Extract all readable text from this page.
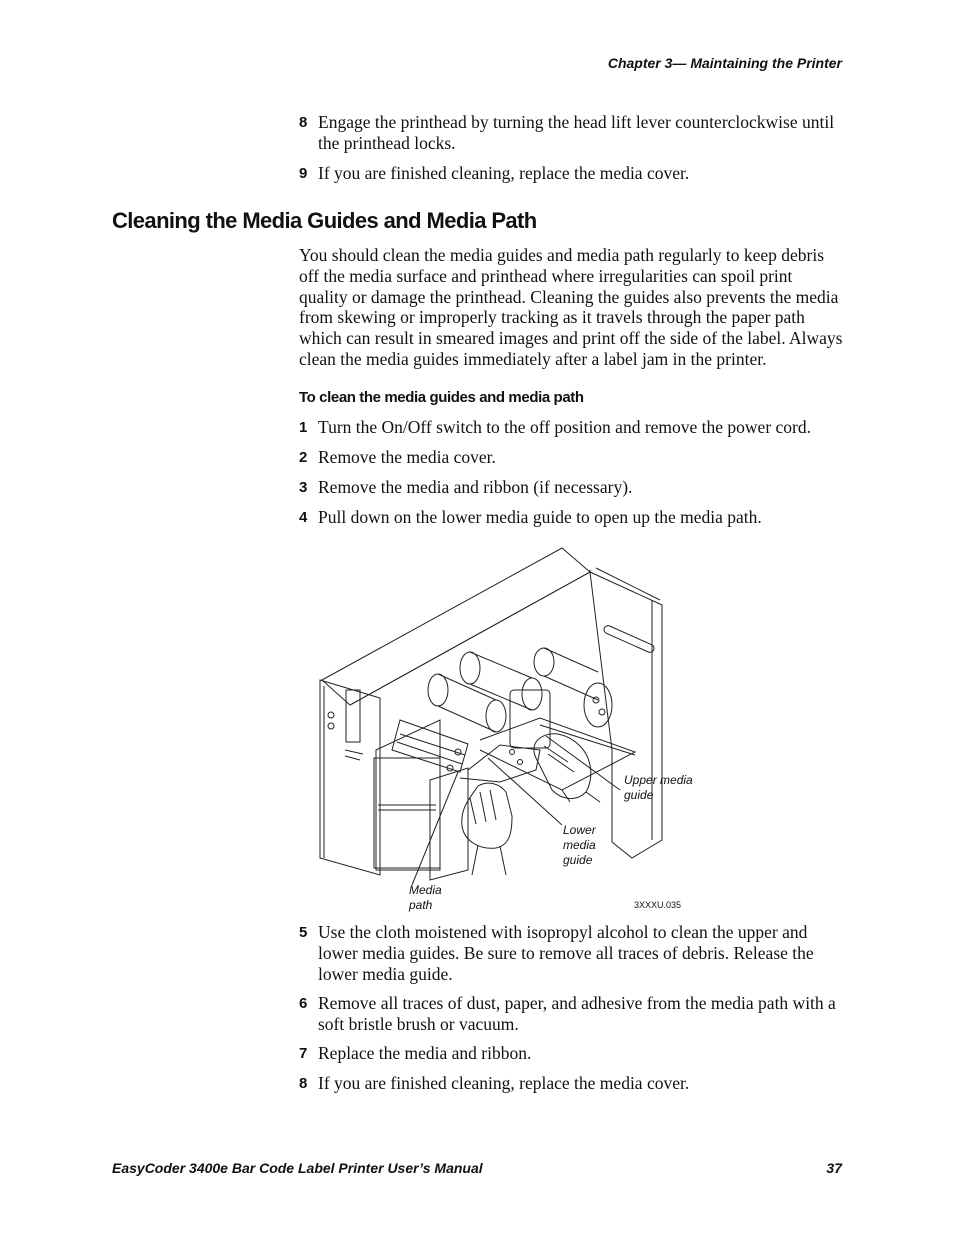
Chapter 3— Maintaining the Printer
8 Engage the printhead by turning the head lift lever counterclockwise until the printhead locks.
9 If you are finished cleaning, replace the media cover.
Cleaning the Media Guides and Media Path
You should clean the media guides and media path regularly to keep debris off the media surface and printhead where irregularities can spoil print quality or damage the printhead. Cleaning the guides also prevents the media from skewing or improperly tracking as it travels through the paper path which can result in smeared images and print off the side of the label. Always clean the media guides immediately after a label jam in the printer.
To clean the media guides and media path
1 Turn the On/Off switch to the off position and remove the power cord.
2 Remove the media cover.
3 Remove the media and ribbon (if necessary).
4 Pull down on the lower media guide to open up the media path.
Upper media
guide
Lower
media
guide
Media
path	3XXXU.035
5 Use the cloth moistened with isopropyl alcohol to clean the upper and lower media guides. Be sure to remove all traces of debris. Release the lower media guide.
6 Remove all traces of dust, paper, and adhesive from the media path with a soft bristle brush or vacuum.
7 Replace the media and ribbon.
8 If you are finished cleaning, replace the media cover.
EasyCoder 3400e Bar Code Label Printer User’s Manual	37
